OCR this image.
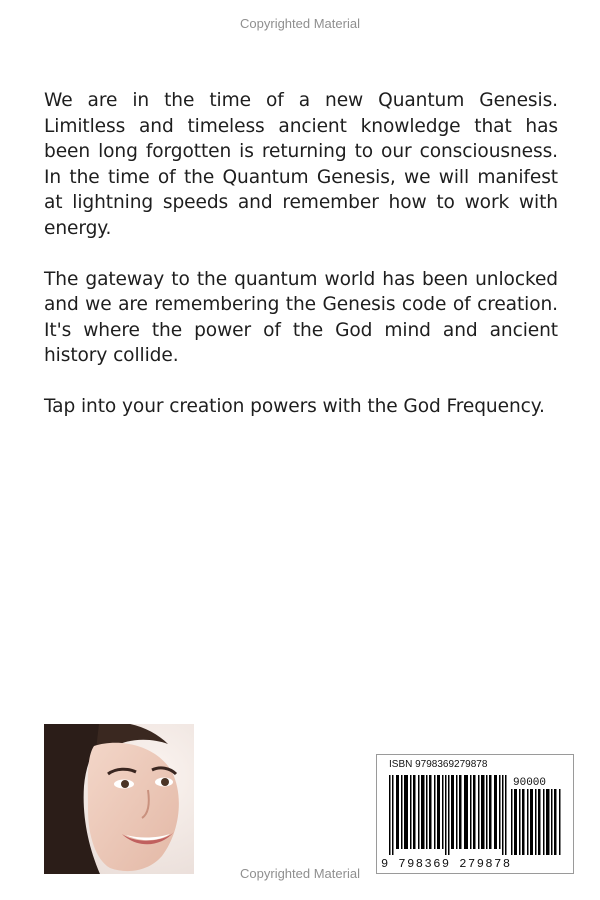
Copyrighted Material

We are in the time of a new Quantum Genesis. Limitless and timeless ancient knowledge that has been long forgotten is returning to our consciousness. In the time of the Quantum Genesis, we will manifest at lightning speeds and remember how to work with energy.

The gateway to the quantum world has been unlocked and we are remembering the Genesis code of creation. It's where the power of the God mind and ancient history collide.

Tap into your creation powers with the God Frequency.

ISBN 9798369279878
90000
9 798369 279878
Copyrighted Material
